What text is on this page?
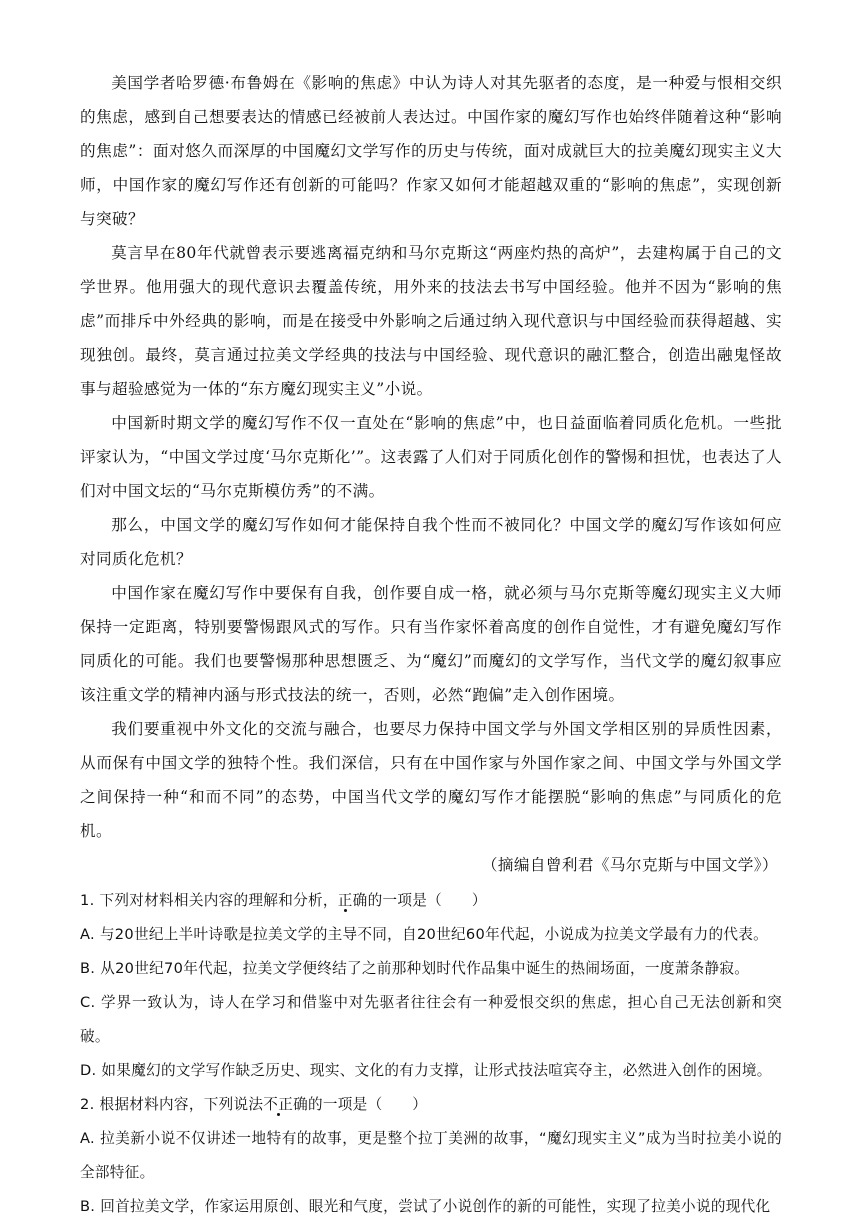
美国学者哈罗德·布鲁姆在《影响的焦虑》中认为诗人对其先驱者的态度，是一种爱与恨相交织的焦虑，感到自己想要表达的情感已经被前人表达过。中国作家的魔幻写作也始终伴随着这种“影响的焦虑”：面对悠久而深厚的中国魔幻文学写作的历史与传统，面对成就巨大的拉美魔幻现实主义大师，中国作家的魔幻写作还有创新的可能吗？作家又如何才能超越双重的“影响的焦虑”，实现创新与突破？

莫言早在80年代就曾表示要逃离福克纳和马尔克斯这“两座灼热的高炉”，去建构属于自己的文学世界。他用强大的现代意识去覆盖传统，用外来的技法去书写中国经验。他并不因为“影响的焦虑”而排斥中外经典的影响，而是在接受中外影响之后通过纳入现代意识与中国经验而获得超越、实现独创。最终，莫言通过拉美文学经典的技法与中国经验、现代意识的融汇整合，创造出融鬼怪故事与超验感觉为一体的“东方魔幻现实主义”小说。

中国新时期文学的魔幻写作不仅一直处在“影响的焦虑”中，也日益面临着同质化危机。一些批评家认为，“中国文学过度‘马尔克斯化’”。这表露了人们对于同质化创作的警惕和担忧，也表达了人们对中国文坛的“马尔克斯模仿秀”的不满。

那么，中国文学的魔幻写作如何才能保持自我个性而不被同化？中国文学的魔幻写作该如何应对同质化危机？

中国作家在魔幻写作中要保有自我，创作要自成一格，就必须与马尔克斯等魔幻现实主义大师保持一定距离，特别要警惕跟风式的写作。只有当作家怀着高度的创作自觉性，才有避免魔幻写作同质化的可能。我们也要警惕那种思想匮乏、为“魔幻”而魔幻的文学写作，当代文学的魔幻叙事应该注重文学的精神内涵与形式技法的统一，否则，必然“跑偏”走入创作困境。

我们要重视中外文化的交流与融合，也要尽力保持中国文学与外国文学相区别的异质性因素，从而保有中国文学的独特个性。我们深信，只有在中国作家与外国作家之间、中国文学与外国文学之间保持一种“和而不同”的态势，中国当代文学的魔幻写作才能摆脱“影响的焦虑”与同质化的危机。

（摘编自曾利君《马尔克斯与中国文学》）

1. 下列对材料相关内容的理解和分析，正确的一项是（　　）

A. 与20世纪上半叶诗歌是拉美文学的主导不同，自20世纪60年代起，小说成为拉美文学最有力的代表。

B. 从20世纪70年代起，拉美文学便终结了之前那种划时代作品集中诞生的热闹场面，一度萧条静寂。

C. 学界一致认为，诗人在学习和借鉴中对先驱者往往会有一种爱恨交织的焦虑，担心自己无法创新和突破。

D. 如果魔幻的文学写作缺乏历史、现实、文化的有力支撑，让形式技法喧宾夺主，必然进入创作的困境。

2. 根据材料内容，下列说法不正确的一项是（　　）

A. 拉美新小说不仅讲述一地特有的故事，更是整个拉丁美洲的故事，“魔幻现实主义”成为当时拉美小说的全部特征。

B. 回首拉美文学，作家运用原创、眼光和气度，尝试了小说创作的新的可能性，实现了拉美小说的现代化
